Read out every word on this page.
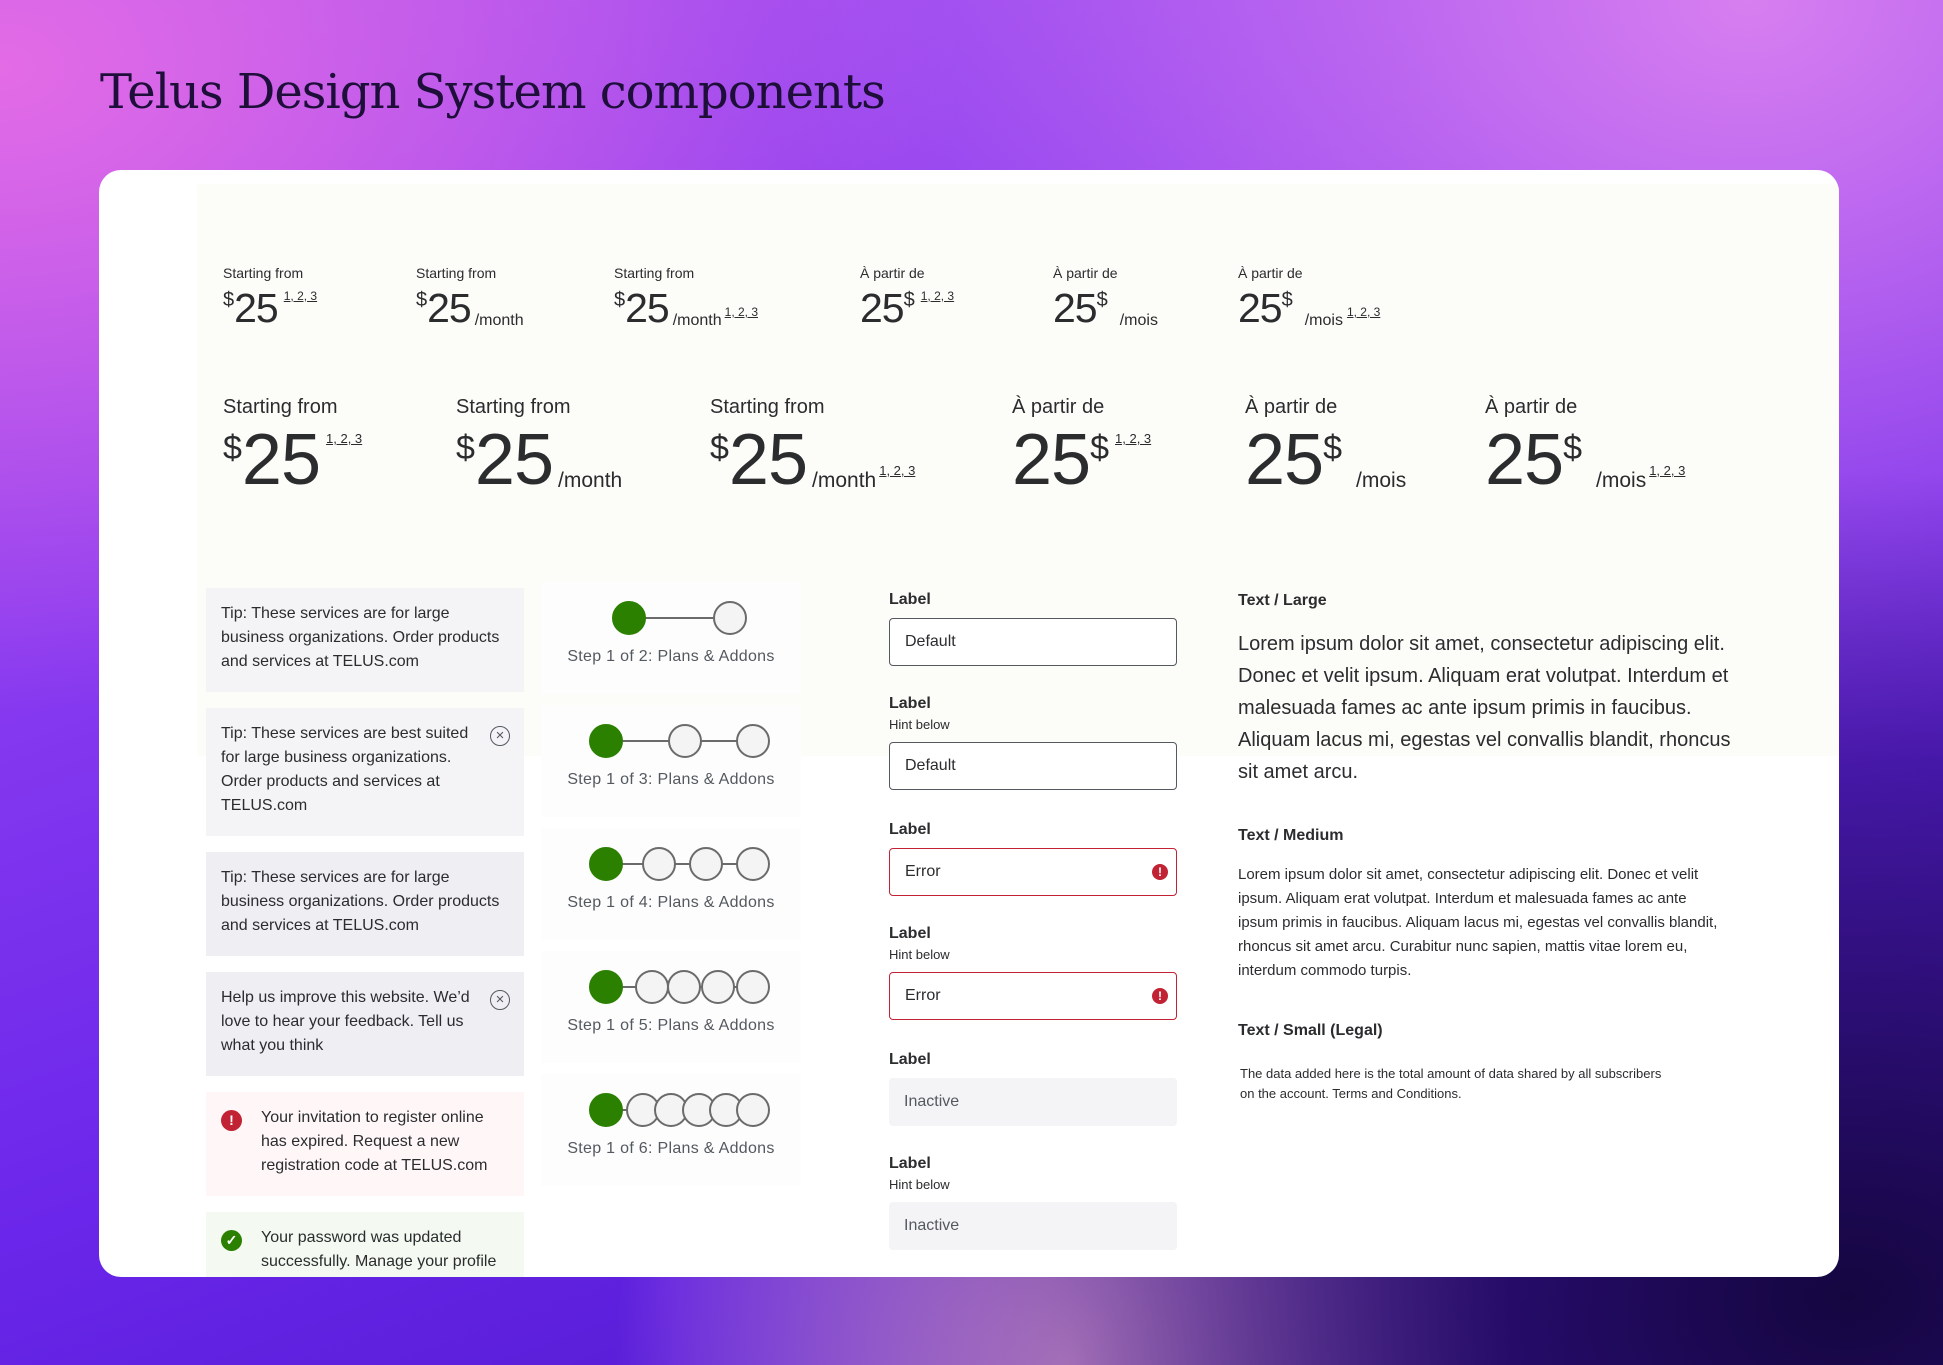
Telus Design System components
Starting from
$ 25 1, 2, 3
Starting from
$ 25 /month
Starting from
$ 25 /month 1, 2, 3
À partir de
25 $ 1, 2, 3
À partir de
25 $
/mois
À partir de
25 $
/mois 1, 2, 3
Starting from
$ 25 1, 2, 3
Starting from
$ 25 /month
Starting from
$ 25 /month 1, 2, 3
À partir de
25 $ 1, 2, 3
À partir de
25 $
/mois
À partir de
25 $
/mois 1, 2, 3
Tip: These services are for large business organizations. Order products and services at TELUS.com
Tip: These services are best suited for large business organizations. Order products and services at TELUS.com
×
Tip: These services are for large business organizations. Order products and services at TELUS.com
Help us improve this website. We’d love to hear your feedback. Tell us what you think
×
!	Your invitation to register online has expired. Request a new registration code at TELUS.com
✓ Your password was updated successfully. Manage your profile
Step 1 of 2: Plans & Addons
Step 1 of 3: Plans & Addons
Step 1 of 4: Plans & Addons
Step 1 of 5: Plans & Addons
Step 1 of 6: Plans & Addons
Label
Default
Label
Hint below
Default
Label
Error
!
Label
Hint below
Error
!
Label
Inactive
Label
Hint below
Inactive
Text / Large
Lorem ipsum dolor sit amet, consectetur adipiscing elit. Donec et velit ipsum. Aliquam erat volutpat. Interdum et malesuada fames ac ante ipsum primis in faucibus. Aliquam lacus mi, egestas vel convallis blandit, rhoncus sit amet arcu.
Text / Medium
Lorem ipsum dolor sit amet, consectetur adipiscing elit. Donec et velit ipsum. Aliquam erat volutpat. Interdum et malesuada fames ac ante ipsum primis in faucibus. Aliquam lacus mi, egestas vel convallis blandit, rhoncus sit amet arcu. Curabitur nunc sapien, mattis vitae lorem eu, interdum commodo turpis.
Text / Small (Legal)
The data added here is the total amount of data shared by all subscribers on the account. Terms and Conditions.
